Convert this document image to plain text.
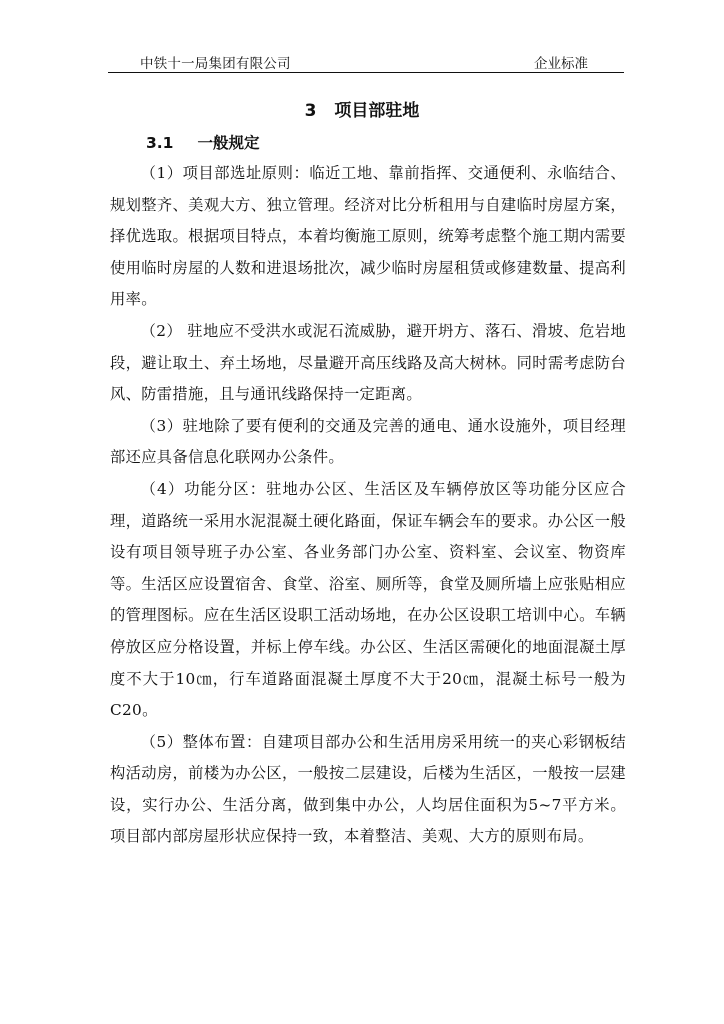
中铁十一局集团有限公司	企业标准
3 项目部驻地
3.1 一般规定

（1）项目部选址原则：临近工地、靠前指挥、交通便利、永临结合、规划整齐、美观大方、独立管理。经济对比分析租用与自建临时房屋方案，择优选取。根据项目特点，本着均衡施工原则，统筹考虑整个施工期内需要使用临时房屋的人数和进退场批次，减少临时房屋租赁或修建数量、提高利用率。

（2） 驻地应不受洪水或泥石流威胁，避开坍方、落石、滑坡、危岩地段，避让取土、弃土场地，尽量避开高压线路及高大树林。同时需考虑防台风、防雷措施，且与通讯线路保持一定距离。

（3）驻地除了要有便利的交通及完善的通电、通水设施外，项目经理部还应具备信息化联网办公条件。

（4）功能分区：驻地办公区、生活区及车辆停放区等功能分区应合理，道路统一采用水泥混凝土硬化路面，保证车辆会车的要求。办公区一般设有项目领导班子办公室、各业务部门办公室、资料室、会议室、物资库等。生活区应设置宿舍、食堂、浴室、厕所等，食堂及厕所墙上应张贴相应的管理图标。应在生活区设职工活动场地，在办公区设职工培训中心。车辆停放区应分格设置，并标上停车线。办公区、生活区需硬化的地面混凝土厚度不大于10㎝，行车道路面混凝土厚度不大于20㎝，混凝土标号一般为C20。

（5）整体布置：自建项目部办公和生活用房采用统一的夹心彩钢板结构活动房，前楼为办公区，一般按二层建设，后楼为生活区，一般按一层建设，实行办公、生活分离，做到集中办公，人均居住面积为5~7平方米。项目部内部房屋形状应保持一致，本着整洁、美观、大方的原则布局。
